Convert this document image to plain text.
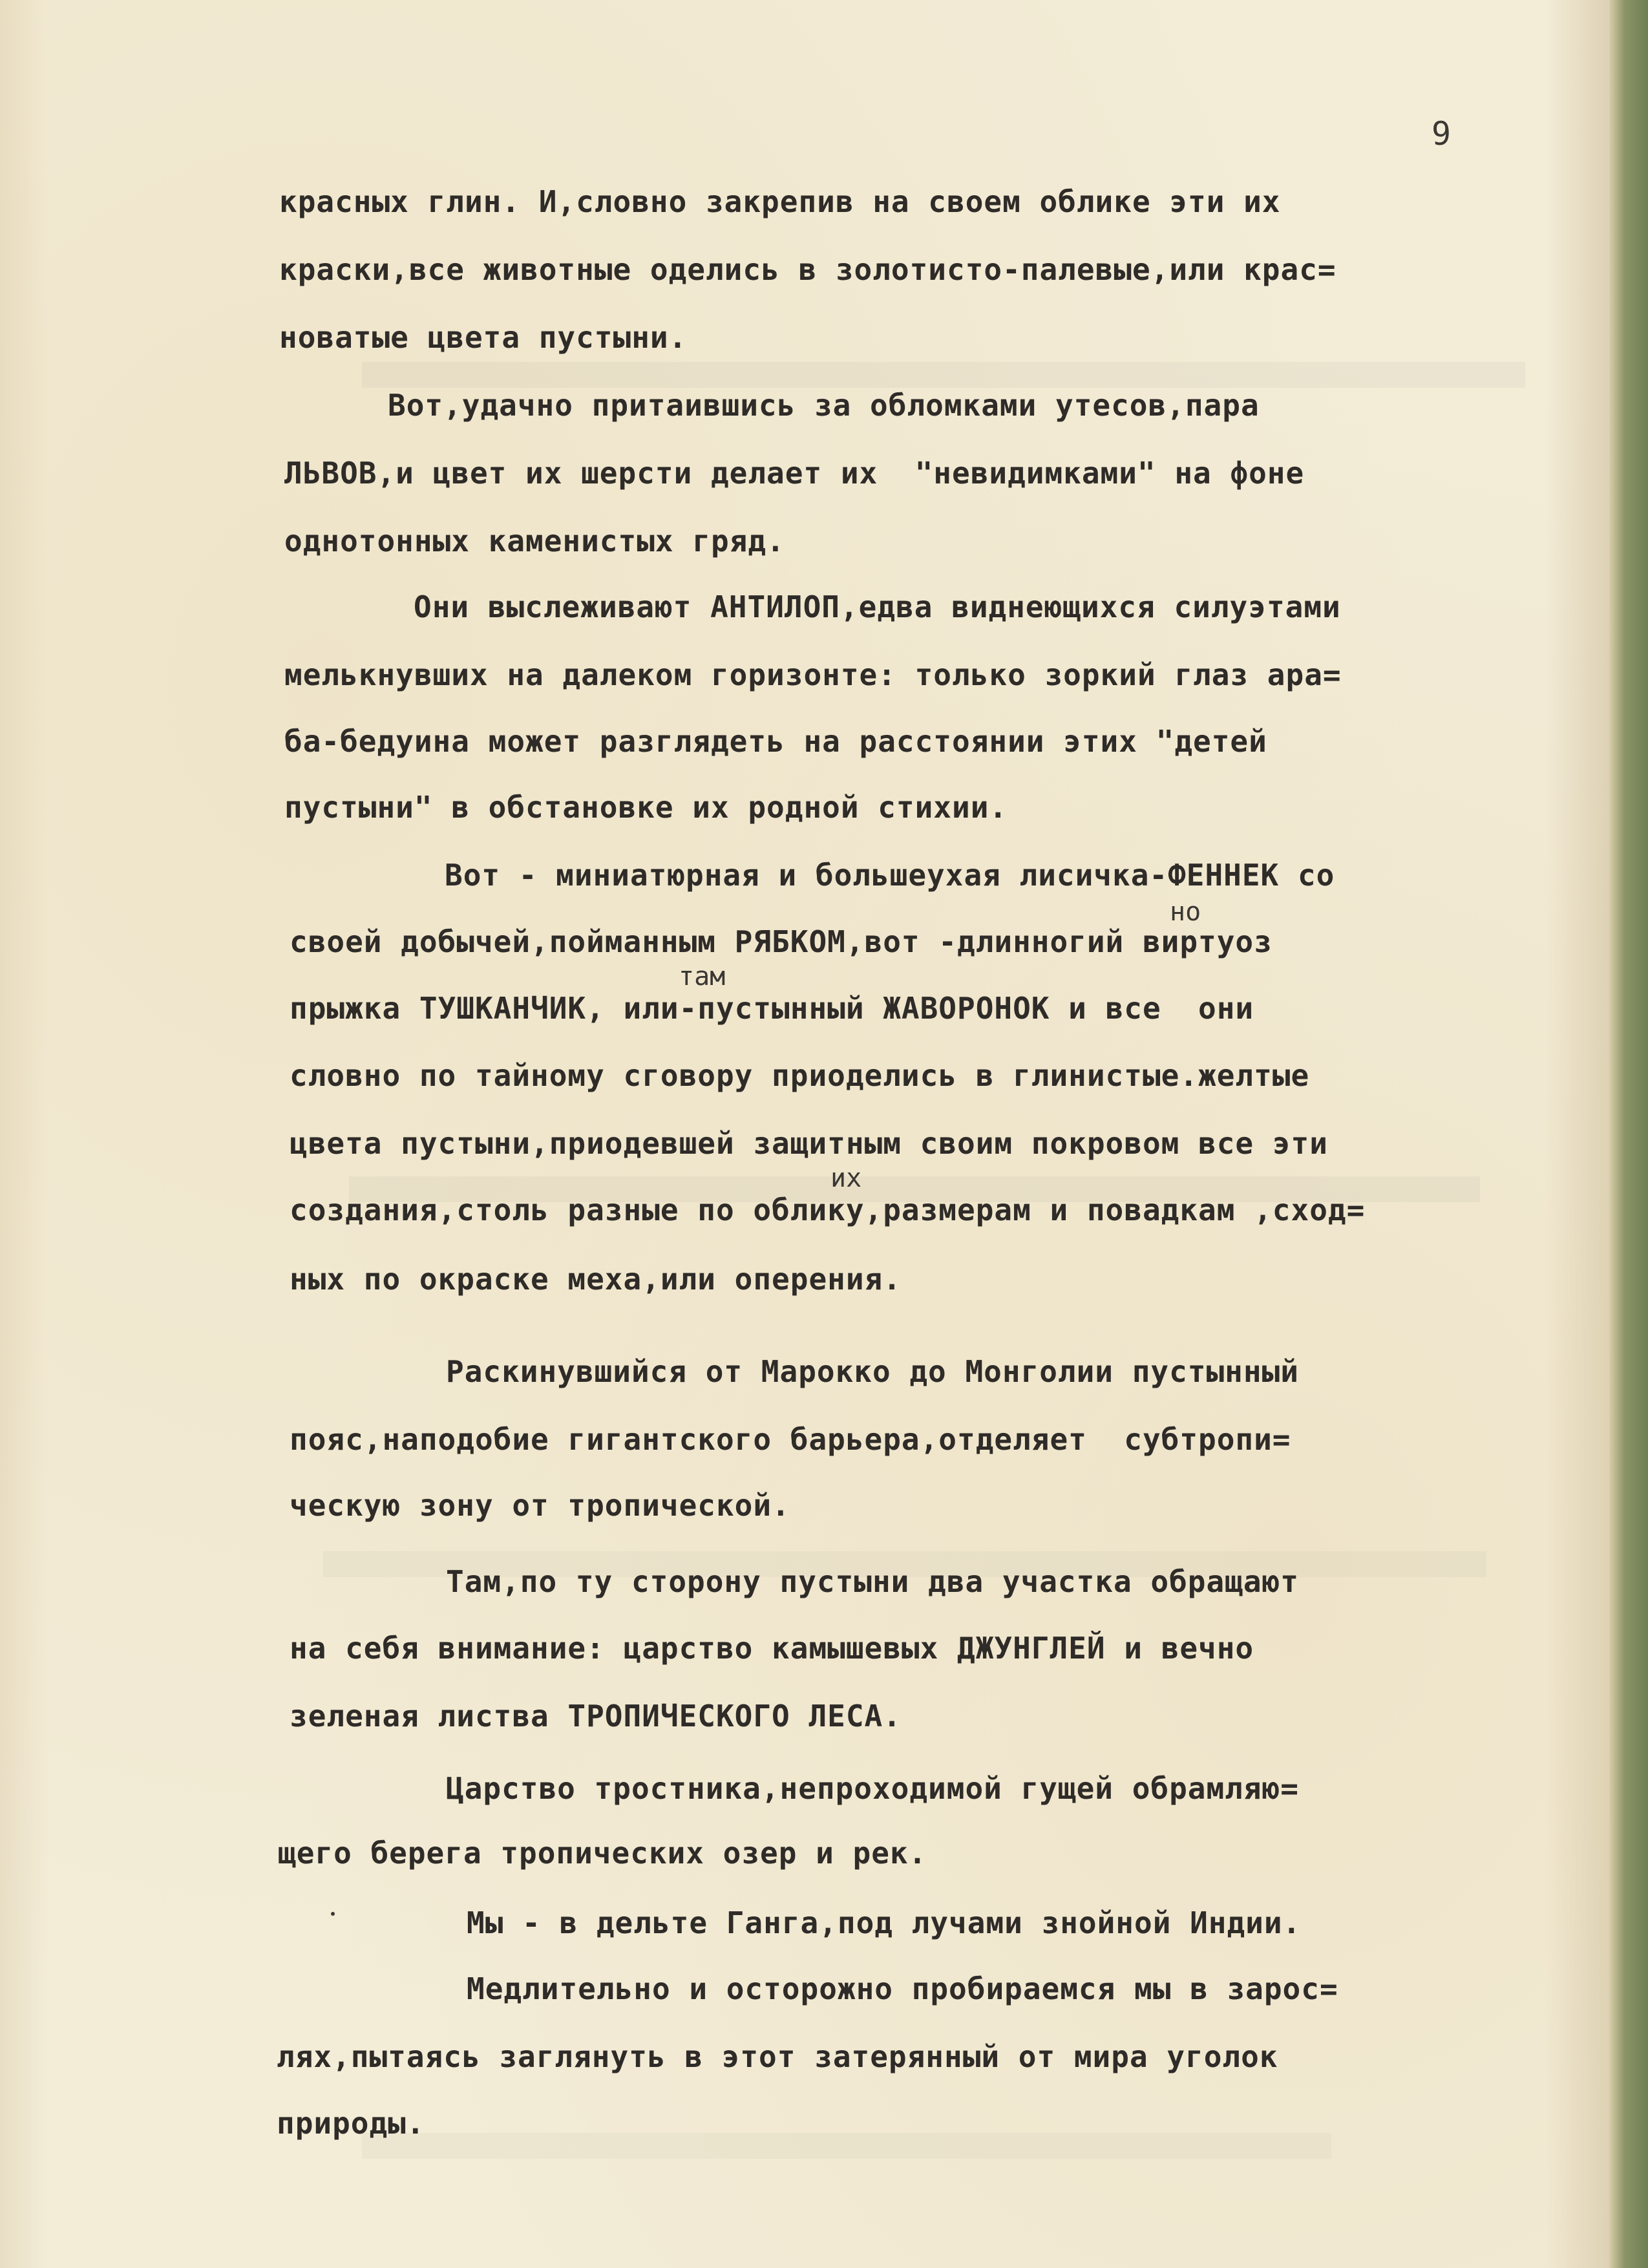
9
красных глин. И,словно закрепив на своем облике эти их
краски,все животные оделись в золотисто-палевые,или крас=
новатые цвета пустыни.
Вот,удачно притаившись за обломками утесов,пара
ЛЬВОВ,и цвет их шерсти делает их  "невидимками" на фоне
однотонных каменистых гряд.
Они выслеживают АНТИЛОП,едва виднеющихся силуэтами
мелькнувших на далеком горизонте: только зоркий глаз ара=
ба-бедуина может разглядеть на расстоянии этих "детей
пустыни" в обстановке их родной стихии.
Вот - миниатюрная и большеухая лисичка-ФЕННЕК со
но
своей добычей,пойманным РЯБКОМ,вот -длинногий виртуоз
там
прыжка ТУШКАНЧИК, или-пустынный ЖАВОРОНОК и все  они
словно по тайному сговору приоделись в глинистые.желтые
цвета пустыни,приодевшей защитным своим покровом все эти
их
создания,столь разные по облику,размерам и повадкам ,сход=
ных по окраске меха,или оперения.
Раскинувшийся от Марокко до Монголии пустынный
пояс,наподобие гигантского барьера,отделяет  субтропи=
ческую зону от тропической.
Там,по ту сторону пустыни два участка обращают
на себя внимание: царство камышевых ДЖУНГЛЕЙ и вечно
зеленая листва ТРОПИЧЕСКОГО ЛЕСА.
Царство тростника,непроходимой гущей обрамляю=
щего берега тропических озер и рек.
Мы - в дельте Ганга,под лучами знойной Индии.
Медлительно и осторожно пробираемся мы в зарос=
лях,пытаясь заглянуть в этот затерянный от мира уголок
природы.
